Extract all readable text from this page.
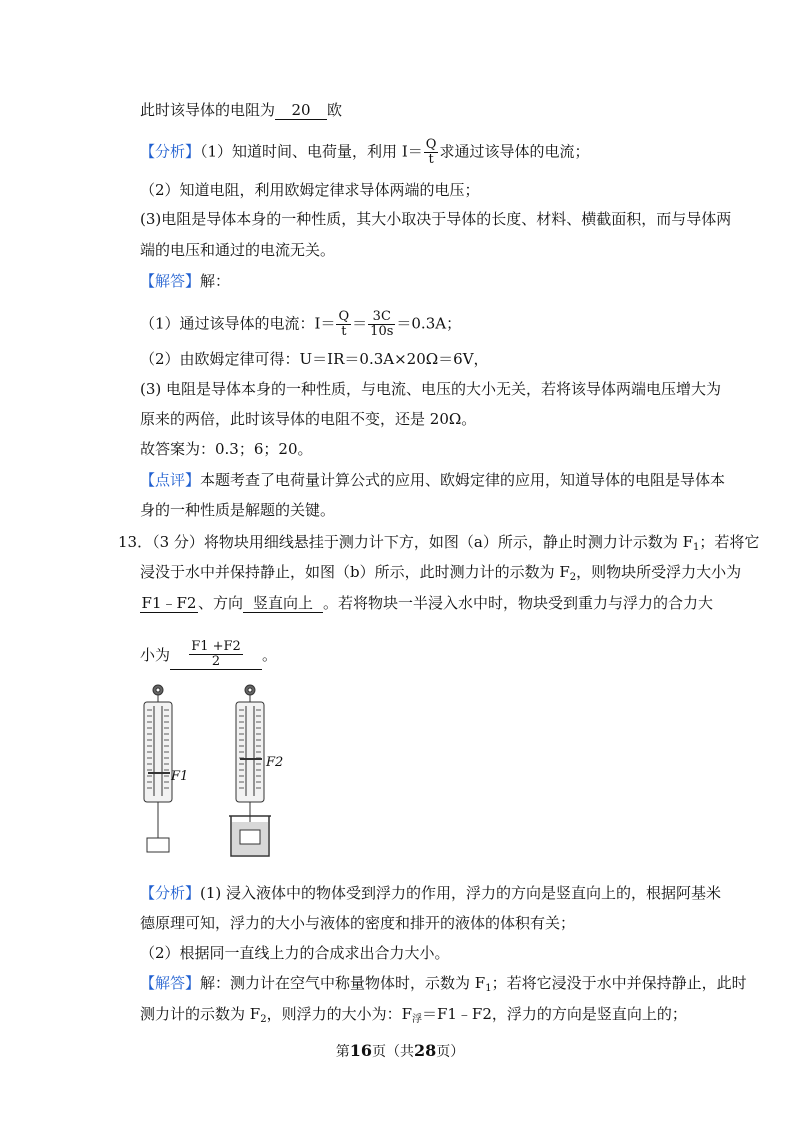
此时该导体的电阻为 20 欧
【分析】（1）知道时间、电荷量，利用 $I= \frac{Q}{t}$ 求通过该导体的电流；
（2）知道电阻，利用欧姆定律求导体两端的电压；
(3)电阻是导体本身的一种性质，其大小取决于导体的长度、材料、横截面积，而与导体两
端的电压和通过的电流无关。
【解答】解：
（1）通过该导体的电流：$I= \frac{Q}{t} = \frac{3C}{10s} =0.3A$；
（2）由欧姆定律可得：U＝IR＝0.3A×20Ω＝6V，
(3) 电阻是导体本身的一种性质，与电流、电压的大小无关，若将该导体两端电压增大为
原来的两倍，此时该导体的电阻不变，还是 20Ω。
故答案为：0.3；6；20。
【点评】本题考查了电荷量计算公式的应用、欧姆定律的应用，知道导体的电阻是导体本
身的一种性质是解题的关键。
13．（3 分）将物块用细线悬挂于测力计下方，如图（a）所示，静止时测力计示数为 $F_1$；若将它
浸没于水中并保持静止，如图（b）所示，此时测力计的示数为 $F_2$，则物块所受浮力大小为
F1﹣F2 、方向 竖直向上 。若将物块一半浸入水中时，物块受到重力与浮力的合力大
小为 $\frac{F1 +F2}{2}$ 。
F1
F2
【分析】(1) 浸入液体中的物体受到浮力的作用，浮力的方向是竖直向上的，根据阿基米
德原理可知，浮力的大小与液体的密度和排开的液体的体积有关；
（2）根据同一直线上力的合成求出合力大小。
【解答】解：测力计在空气中称量物体时，示数为 $F_1$；若将它浸没于水中并保持静止，此时
测力计的示数为 $F_2$，则浮力的大小为：$F_浮=F1﹣F2$，浮力的方向是竖直向上的；
第16页（共28页）
